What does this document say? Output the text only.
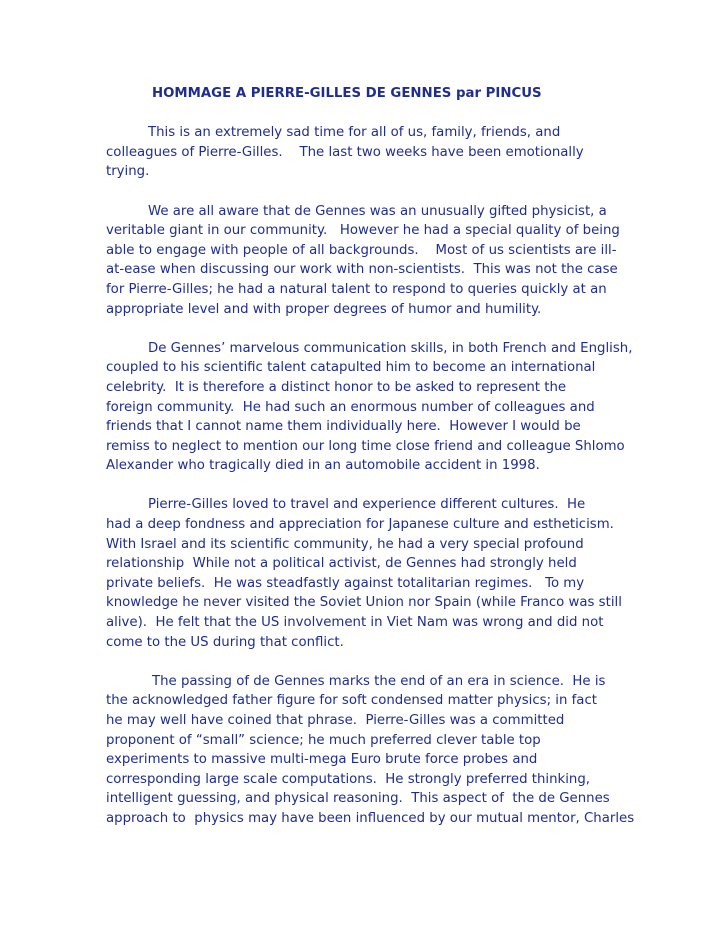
HOMMAGE A PIERRE-GILLES DE GENNES par PINCUS
This is an extremely sad time for all of us, family, friends, and
colleagues of Pierre-Gilles.    The last two weeks have been emotionally
trying.
We are all aware that de Gennes was an unusually gifted physicist, a
veritable giant in our community.   However he had a special quality of being
able to engage with people of all backgrounds.    Most of us scientists are ill-
at-ease when discussing our work with non-scientists.  This was not the case
for Pierre-Gilles; he had a natural talent to respond to queries quickly at an
appropriate level and with proper degrees of humor and humility.
De Gennes’ marvelous communication skills, in both French and English,
coupled to his scientific talent catapulted him to become an international
celebrity.  It is therefore a distinct honor to be asked to represent the
foreign community.  He had such an enormous number of colleagues and
friends that I cannot name them individually here.  However I would be
remiss to neglect to mention our long time close friend and colleague Shlomo
Alexander who tragically died in an automobile accident in 1998.
Pierre-Gilles loved to travel and experience different cultures.  He
had a deep fondness and appreciation for Japanese culture and estheticism.
With Israel and its scientific community, he had a very special profound
relationship  While not a political activist, de Gennes had strongly held
private beliefs.  He was steadfastly against totalitarian regimes.   To my
knowledge he never visited the Soviet Union nor Spain (while Franco was still
alive).  He felt that the US involvement in Viet Nam was wrong and did not
come to the US during that conflict.
The passing of de Gennes marks the end of an era in science.  He is
the acknowledged father figure for soft condensed matter physics; in fact
he may well have coined that phrase.  Pierre-Gilles was a committed
proponent of “small” science; he much preferred clever table top
experiments to massive multi-mega Euro brute force probes and
corresponding large scale computations.  He strongly preferred thinking,
intelligent guessing, and physical reasoning.  This aspect of  the de Gennes
approach to  physics may have been influenced by our mutual mentor, Charles
